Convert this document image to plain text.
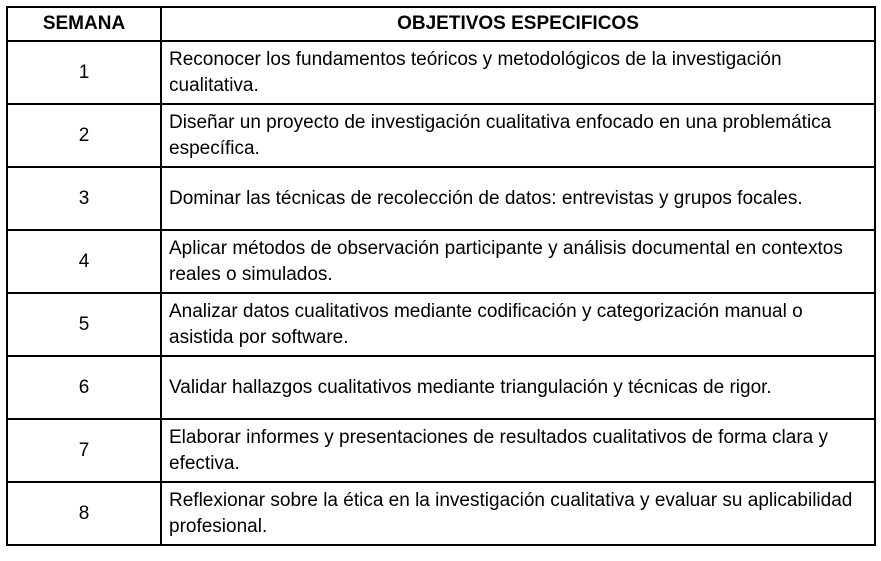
SEMANA	OBJETIVOS ESPECIFICOS
1	Reconocer los fundamentos teóricos y metodológicos de la investigación cualitativa.
2	Diseñar un proyecto de investigación cualitativa enfocado en una problemática específica.
3	Dominar las técnicas de recolección de datos: entrevistas y grupos focales.
4	Aplicar métodos de observación participante y análisis documental en contextos reales o simulados.
5	Analizar datos cualitativos mediante codificación y categorización manual o asistida por software.
6	Validar hallazgos cualitativos mediante triangulación y técnicas de rigor.
7	Elaborar informes y presentaciones de resultados cualitativos de forma clara y efectiva.
8	Reflexionar sobre la ética en la investigación cualitativa y evaluar su aplicabilidad profesional.
